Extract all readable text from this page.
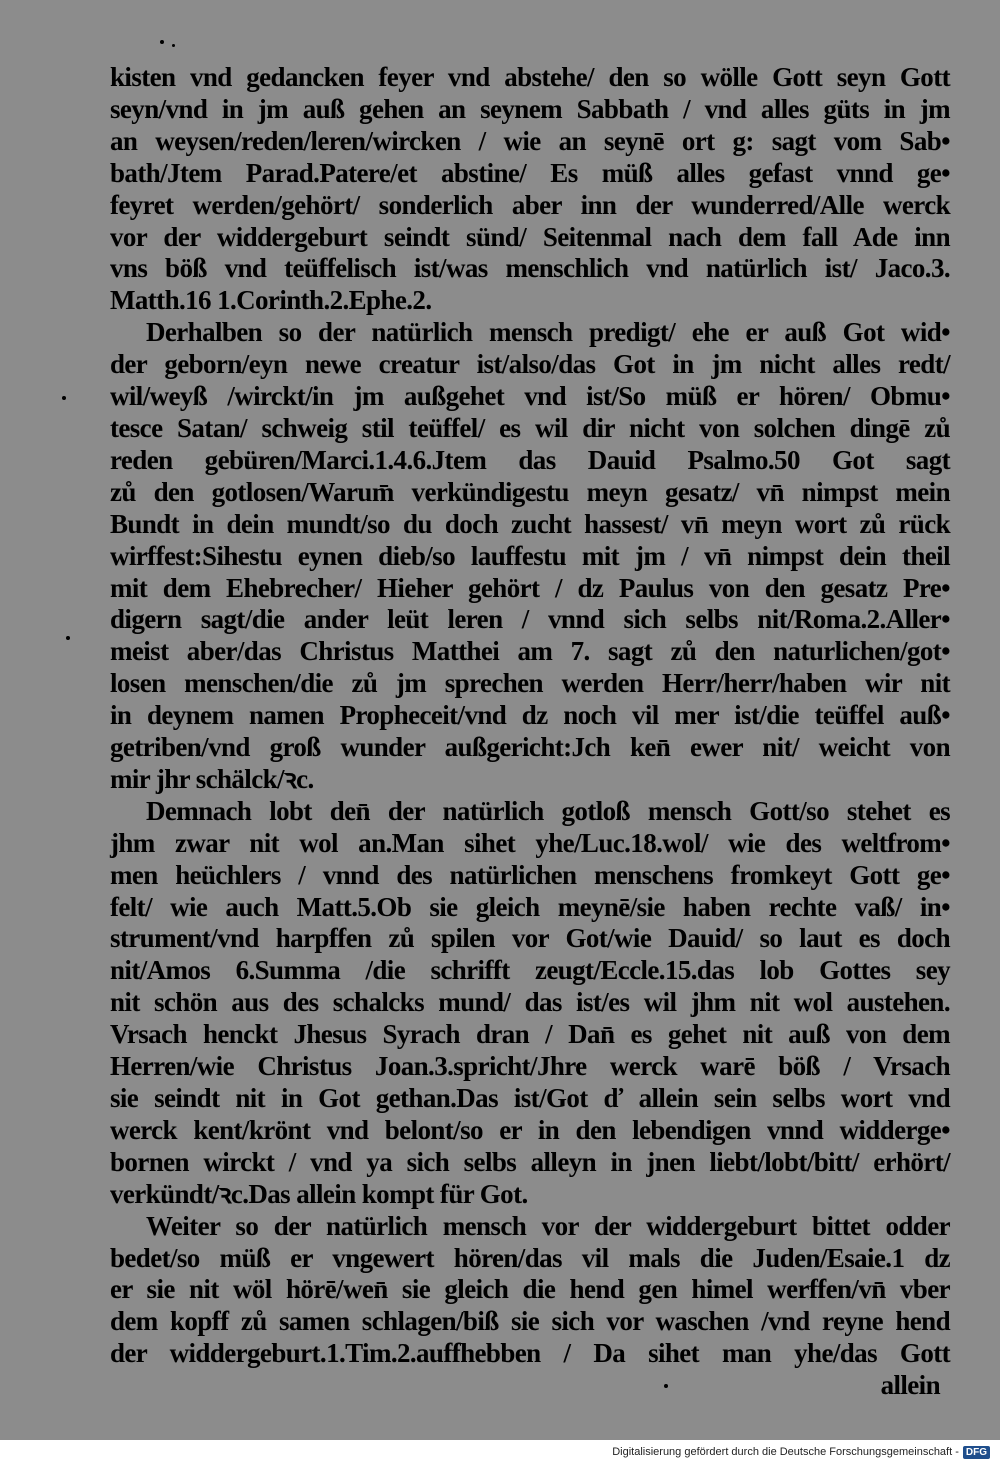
kisten vnd gedancken feyer vnd abstehe/ den so wölle Gott seyn Gott
seyn/vnd in jm auß gehen an seynem Sabbath / vnd alles güts in jm
an weysen/reden/leren/wircken / wie an seynē ort g: sagt vom Sab•
bath/Jtem Parad.Patere/et abstine/ Es müß alles gefast vnnd ge•
feyret werden/gehört/ sonderlich aber inn der wunderred/Alle werck
vor der widdergeburt seindt sünd/ Seitenmal nach dem fall Ade inn
vns böß vnd teüffelisch ist/was menschlich vnd natürlich ist/ Jaco.3.
Matth.16 1.Corinth.2.Ephe.2.
Derhalben so der natürlich mensch predigt/ ehe er auß Got wid•
der geborn/eyn newe creatur ist/also/das Got in jm nicht alles redt/
wil/weyß /wirckt/in jm außgehet vnd ist/So müß er hören/ Obmu•
tesce Satan/ schweig stil teüffel/ es wil dir nicht von solchen dingē zů
reden gebüren/Marci.1.4.6.Jtem das Dauid Psalmo.50 Got sagt
zů den gotlosen/Warum̄ verkündigestu meyn gesatz/ vn̄ nimpst mein
Bundt in dein mundt/so du doch zucht hassest/ vn̄ meyn wort zů rück
wirffest:Sihestu eynen dieb/so lauffestu mit jm / vn̄ nimpst dein theil
mit dem Ehebrecher/ Hieher gehört / dz Paulus von den gesatz Pre•
digern sagt/die ander leüt leren / vnnd sich selbs nit/Roma.2.Aller•
meist aber/das Christus Matthei am 7. sagt zů den naturlichen/got•
losen menschen/die zů jm sprechen werden Herr/herr/haben wir nit
in deynem namen Propheceit/vnd dz noch vil mer ist/die teüffel auß•
getriben/vnd groß wunder außgericht:Jch ken̄ ewer nit/ weicht von
mir jhr schälck/ꝛc.
Demnach lobt den̄ der natürlich gotloß mensch Gott/so stehet es
jhm zwar nit wol an.Man sihet yhe/Luc.18.wol/ wie des weltfrom•
men heüchlers / vnnd des natürlichen menschens fromkeyt Gott ge•
felt/ wie auch Matt.5.Ob sie gleich meynē/sie haben rechte vaß/ in•
strument/vnd harpffen zů spilen vor Got/wie Dauid/ so laut es doch
nit/Amos 6.Summa /die schrifft zeugt/Eccle.15.das lob Gottes sey
nit schön aus des schalcks mund/ das ist/es wil jhm nit wol austehen.
Vrsach henckt Jhesus Syrach dran / Dan̄ es gehet nit auß von dem
Herren/wie Christus Joan.3.spricht/Jhre werck warē böß / Vrsach
sie seindt nit in Got gethan.Das ist/Got ď allein sein selbs wort vnd
werck kent/krönt vnd belont/so er in den lebendigen vnnd widderge•
bornen wirckt / vnd ya sich selbs alleyn in jnen liebt/lobt/bitt/ erhört/
verkündt/ꝛc.Das allein kompt für Got.
Weiter so der natürlich mensch vor der widdergeburt bittet odder
bedet/so müß er vngewert hören/das vil mals die Juden/Esaie.1 dz
er sie nit wöl hörē/wen̄ sie gleich die hend gen himel werffen/vn̄ vber
dem kopff zů samen schlagen/biß sie sich vor waschen /vnd reyne hend
der widdergeburt.1.Tim.2.auffhebben / Da sihet man yhe/das Gott
allein
Digitalisierung gefördert durch die Deutsche Forschungsgemeinschaft - DFG
